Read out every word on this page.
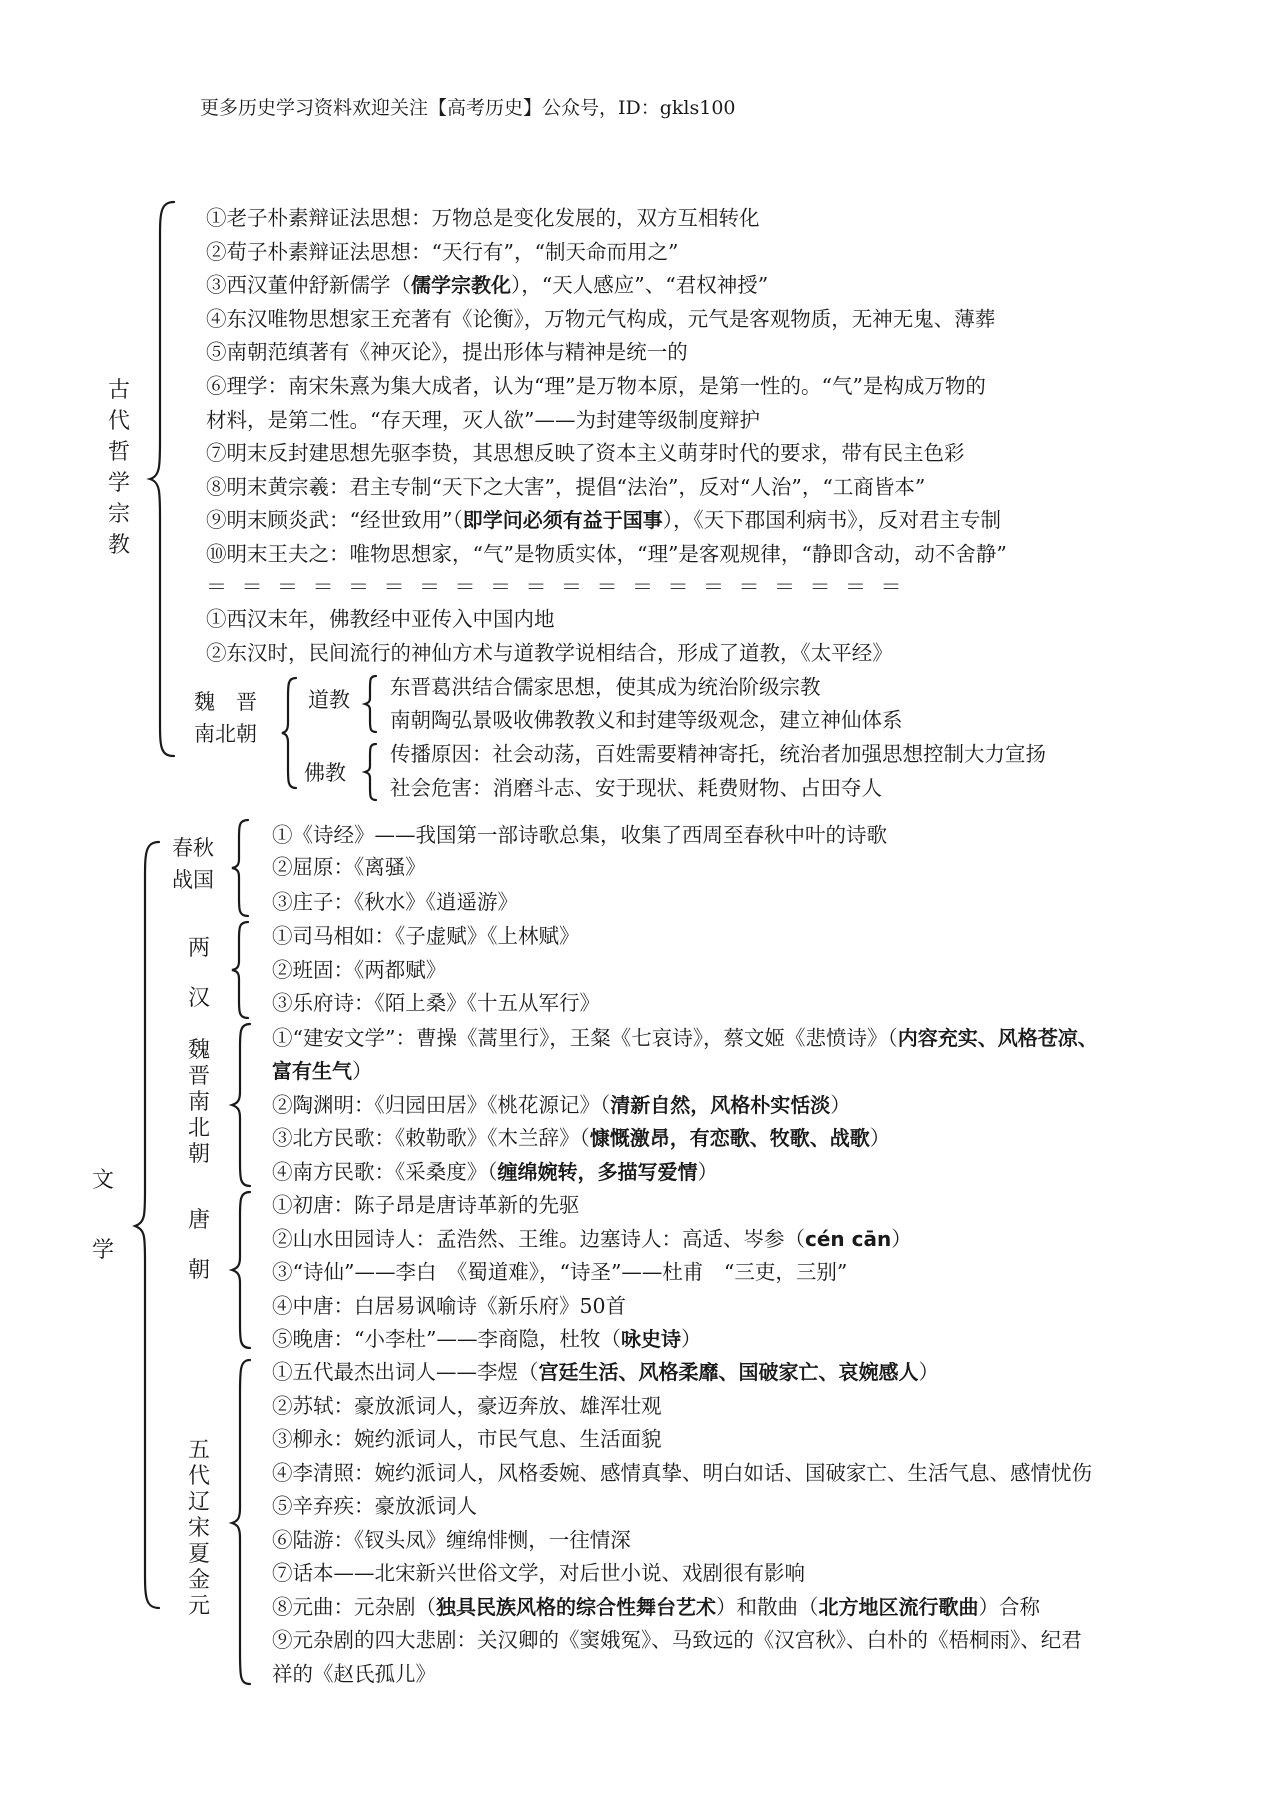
更多历史学习资料欢迎关注【高考历史】公众号，ID：gkls100
古
代
哲
学
宗
教
①老子朴素辩证法思想：万物总是变化发展的，双方互相转化
②荀子朴素辩证法思想：“天行有”，“制天命而用之”
③西汉董仲舒新儒学（儒学宗教化），“天人感应”、“君权神授”
④东汉唯物思想家王充著有《论衡》，万物元气构成，元气是客观物质，无神无鬼、薄葬
⑤南朝范缜著有《神灭论》，提出形体与精神是统一的
⑥理学：南宋朱熹为集大成者，认为“理”是万物本原，是第一性的。“气”是构成万物的
材料，是第二性。“存天理，灭人欲”——为封建等级制度辩护
⑦明末反封建思想先驱李贽，其思想反映了资本主义萌芽时代的要求，带有民主色彩
⑧明末黄宗羲：君主专制“天下之大害”，提倡“法治”，反对“人治”，“工商皆本”
⑨明末顾炎武：“经世致用”（即学问必须有益于国事），《天下郡国利病书》，反对君主专制
⑩明末王夫之：唯物思想家，“气”是物质实体，“理”是客观规律，“静即含动，动不舍静”
＝＝＝＝＝＝＝＝＝＝＝＝＝＝＝＝＝＝＝＝
①西汉末年，佛教经中亚传入中国内地
②东汉时，民间流行的神仙方术与道教学说相结合，形成了道教，《太平经》
魏　晋
南北朝
道教
东晋葛洪结合儒家思想，使其成为统治阶级宗教
南朝陶弘景吸收佛教教义和封建等级观念，建立神仙体系
佛教
传播原因：社会动荡，百姓需要精神寄托，统治者加强思想控制大力宣扬
社会危害：消磨斗志、安于现状、耗费财物、占田夺人
文
学
春秋
战国
①《诗经》——我国第一部诗歌总集，收集了西周至春秋中叶的诗歌
②屈原：《离骚》
③庄子：《秋水》《逍遥游》
两
汉
①司马相如：《子虚赋》《上林赋》
②班固：《两都赋》
③乐府诗：《陌上桑》《十五从军行》
魏
晋
南
北
朝
①“建安文学”：曹操《蒿里行》，王粲《七哀诗》，蔡文姬《悲愤诗》（内容充实、风格苍凉、
富有生气）
②陶渊明：《归园田居》《桃花源记》（清新自然，风格朴实恬淡）
③北方民歌：《敕勒歌》《木兰辞》（慷慨激昂，有恋歌、牧歌、战歌）
④南方民歌：《采桑度》（缠绵婉转，多描写爱情）
唐
朝
①初唐：陈子昂是唐诗革新的先驱
②山水田园诗人：孟浩然、王维。边塞诗人：高适、岑参（cén cān）
③“诗仙”——李白　《蜀道难》，“诗圣”——杜甫　“三吏，三别”
④中唐：白居易讽喻诗《新乐府》50首
⑤晚唐：“小李杜”——李商隐，杜牧（咏史诗）
五
代
辽
宋
夏
金
元
①五代最杰出词人——李煜（宫廷生活、风格柔靡、国破家亡、哀婉感人）
②苏轼：豪放派词人，豪迈奔放、雄浑壮观
③柳永：婉约派词人，市民气息、生活面貌
④李清照：婉约派词人，风格委婉、感情真挚、明白如话、国破家亡、生活气息、感情忧伤
⑤辛弃疾：豪放派词人
⑥陆游：《钗头凤》缠绵悱恻，一往情深
⑦话本——北宋新兴世俗文学，对后世小说、戏剧很有影响
⑧元曲：元杂剧（独具民族风格的综合性舞台艺术）和散曲（北方地区流行歌曲）合称
⑨元杂剧的四大悲剧：关汉卿的《窦娥冤》、马致远的《汉宫秋》、白朴的《梧桐雨》、纪君
祥的《赵氏孤儿》
